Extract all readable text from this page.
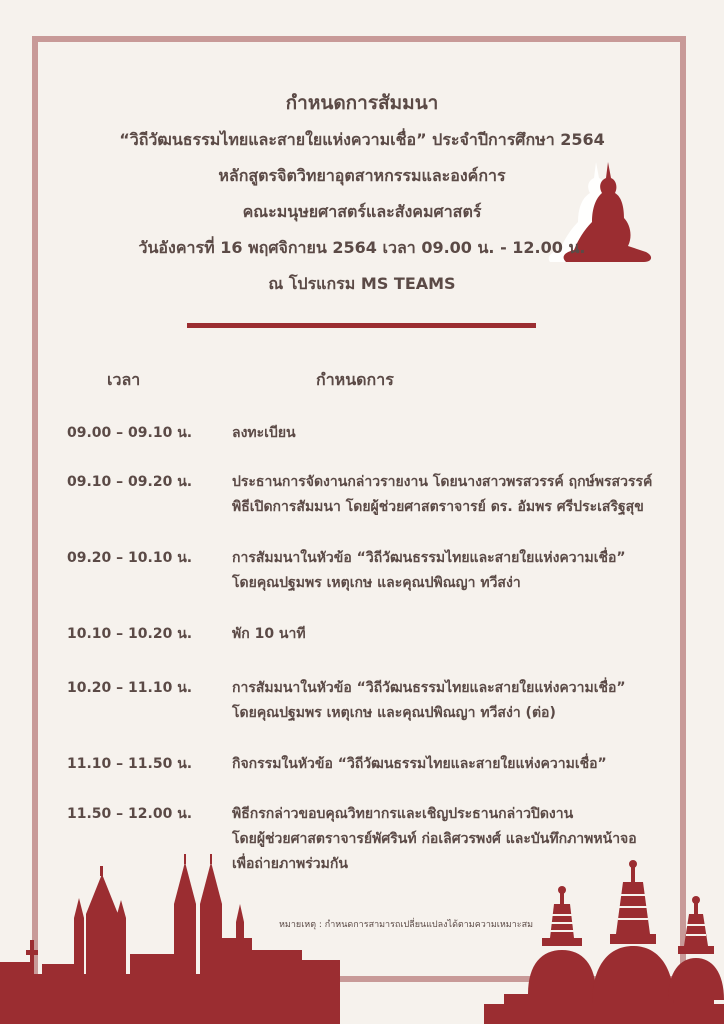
กำหนดการสัมมนา
“วิถีวัฒนธรรมไทยและสายใยแห่งความเชื่อ” ประจำปีการศึกษา 2564
หลักสูตรจิตวิทยาอุตสาหกรรมและองค์การ
คณะมนุษยศาสตร์และสังคมศาสตร์
วันอังคารที่ 16 พฤศจิกายน 2564 เวลา 09.00 น. - 12.00 น.
ณ โปรแกรม MS TEAMS
เวลา	กำหนดการ
09.00 – 09.10 น.	ลงทะเบียน
09.10 – 09.20 น.	ประธานการจัดงานกล่าวรายงาน โดยนางสาวพรสวรรค์ ฤกษ์พรสวรรค์
พิธีเปิดการสัมมนา โดยผู้ช่วยศาสตราจารย์ ดร. อัมพร ศรีประเสริฐสุข
09.20 – 10.10 น.	การสัมมนาในหัวข้อ “วิถีวัฒนธรรมไทยและสายใยแห่งความเชื่อ”
โดยคุณปฐมพร เหตุเกษ และคุณปพิณญา ทวีสง่า
10.10 – 10.20 น.	พัก 10 นาที
10.20 – 11.10 น.	การสัมมนาในหัวข้อ “วิถีวัฒนธรรมไทยและสายใยแห่งความเชื่อ”
โดยคุณปฐมพร เหตุเกษ และคุณปพิณญา ทวีสง่า (ต่อ)
11.10 – 11.50 น.	กิจกรรมในหัวข้อ “วิถีวัฒนธรรมไทยและสายใยแห่งความเชื่อ”
11.50 – 12.00 น.	พิธีกรกล่าวขอบคุณวิทยากรและเชิญประธานกล่าวปิดงาน
โดยผู้ช่วยศาสตราจารย์พัศรินท์ ก่อเลิศวรพงศ์ และบันทึกภาพหน้าจอ
เพื่อถ่ายภาพร่วมกัน
หมายเหตุ : กำหนดการสามารถเปลี่ยนแปลงได้ตามความเหมาะสม
